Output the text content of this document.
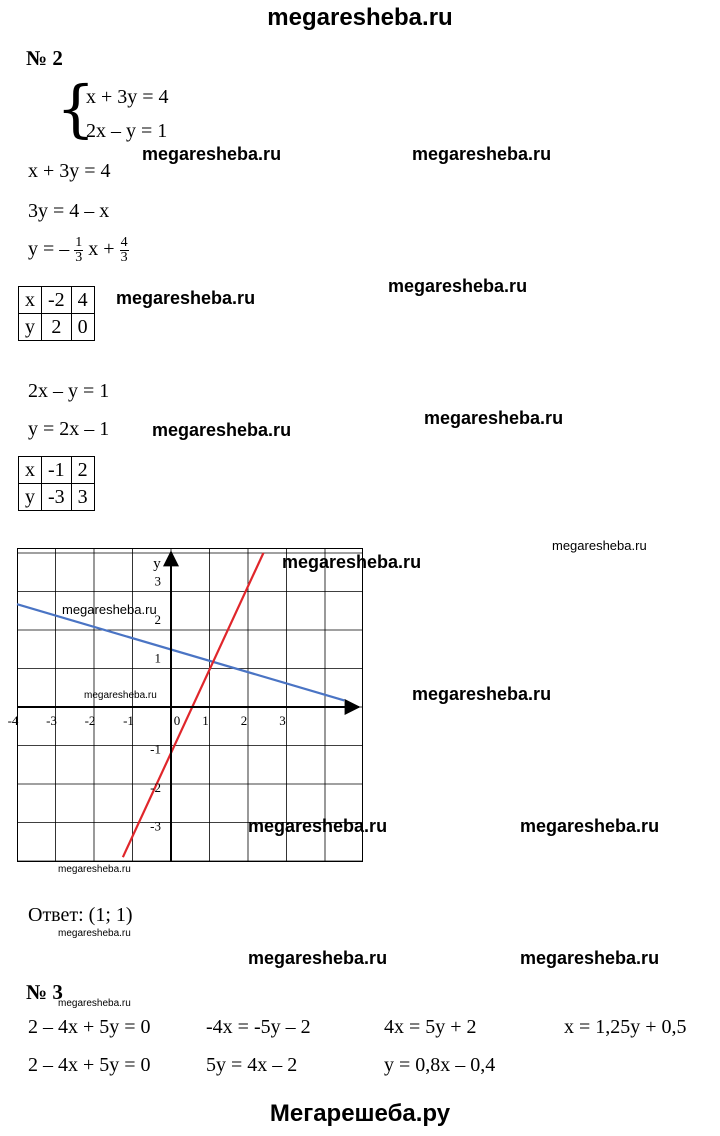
megaresheba.ru
Мегарешеба.ру
№ 2
{
x + 3y = 4
2x – y = 1
x + 3y = 4
3y = 4 – x
y = – $\frac{1}{3}$ $x + \frac{4}{3}$
x	-2	4
y	2	0
2x – y = 1
y = 2x – 1
x	-1	2
y	-3	3
-4 -3 -2 -1	0 1 2 3
3
2
1
-1
-2
-3
y
Ответ: (1; 1)
№ 3
2 – 4x + 5y = 0	-4x = -5y – 2	4x = 5y + 2	x = 1,25y + 0,5
2 – 4x + 5y = 0	5y = 4x – 2	y = 0,8x – 0,4
megaresheba.ru	megaresheba.ru
megaresheba.ru
megaresheba.ru
megaresheba.ru
megaresheba.ru
megaresheba.ru
megaresheba.ru
megaresheba.ru
megaresheba.ru	megaresheba.ru
megaresheba.ru	megaresheba.ru
megaresheba.ru
megaresheba.ru
megaresheba.ru	megaresheba.ru
megaresheba.ru
